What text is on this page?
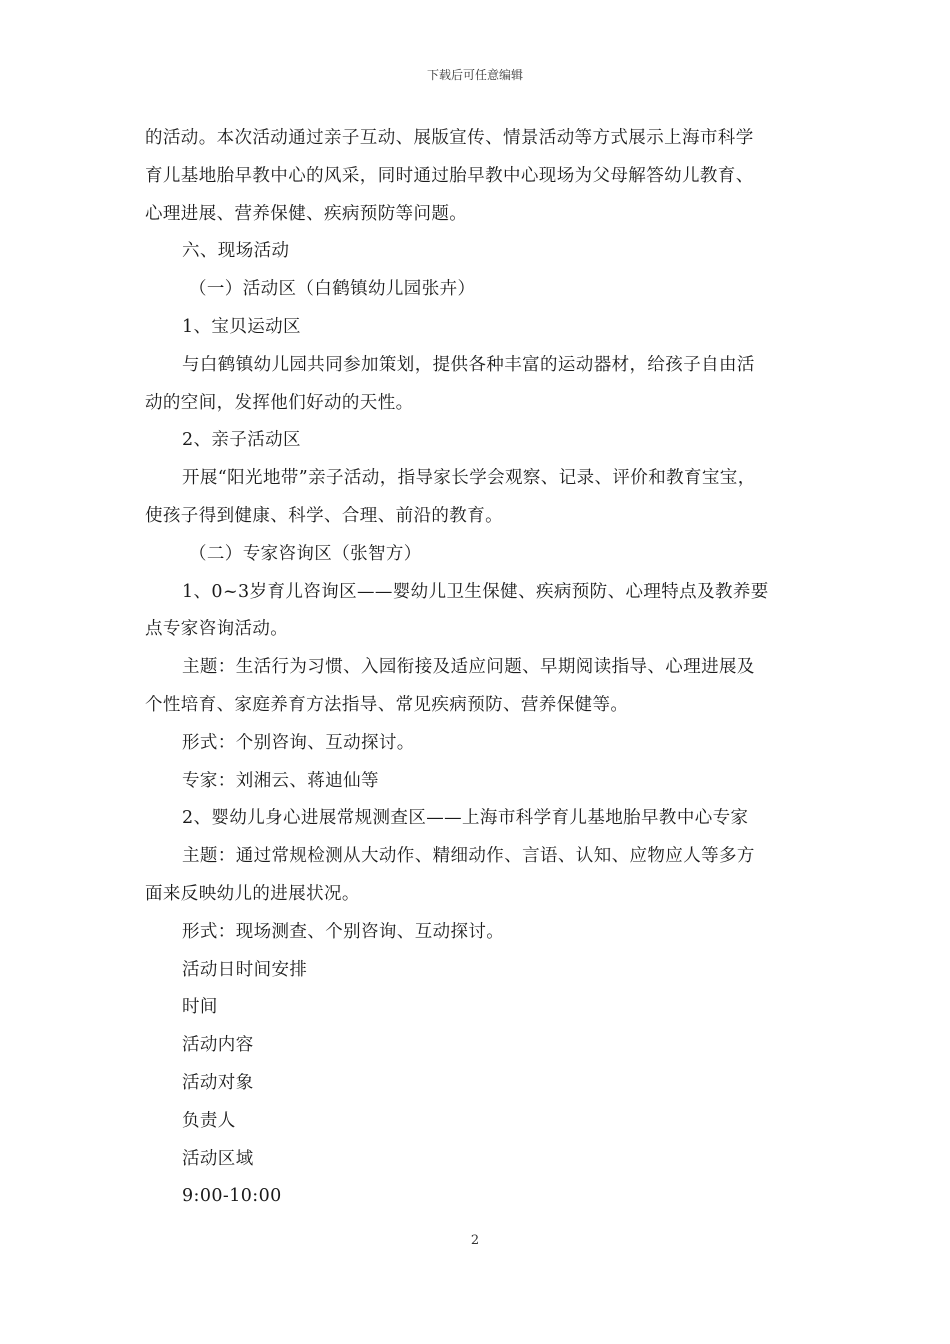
下载后可任意编辑
的活动。本次活动通过亲子互动、展版宣传、情景活动等方式展示上海市科学
育儿基地胎早教中心的风采，同时通过胎早教中心现场为父母解答幼儿教育、
心理进展、营养保健、疾病预防等问题。
六、现场活动
（一）活动区（白鹤镇幼儿园张卉）
1、宝贝运动区
与白鹤镇幼儿园共同参加策划，提供各种丰富的运动器材，给孩子自由活
动的空间，发挥他们好动的天性。
2、亲子活动区
开展“阳光地带”亲子活动，指导家长学会观察、记录、评价和教育宝宝，
使孩子得到健康、科学、合理、前沿的教育。
（二）专家咨询区（张智方）
1、0~3岁育儿咨询区——婴幼儿卫生保健、疾病预防、心理特点及教养要
点专家咨询活动。
主题：生活行为习惯、入园衔接及适应问题、早期阅读指导、心理进展及
个性培育、家庭养育方法指导、常见疾病预防、营养保健等。
形式：个别咨询、互动探讨。
专家：刘湘云、蒋迪仙等
2、婴幼儿身心进展常规测查区——上海市科学育儿基地胎早教中心专家
主题：通过常规检测从大动作、精细动作、言语、认知、应物应人等多方
面来反映幼儿的进展状况。
形式：现场测查、个别咨询、互动探讨。
活动日时间安排
时间
活动内容
活动对象
负责人
活动区域
9:00-10:00
2
